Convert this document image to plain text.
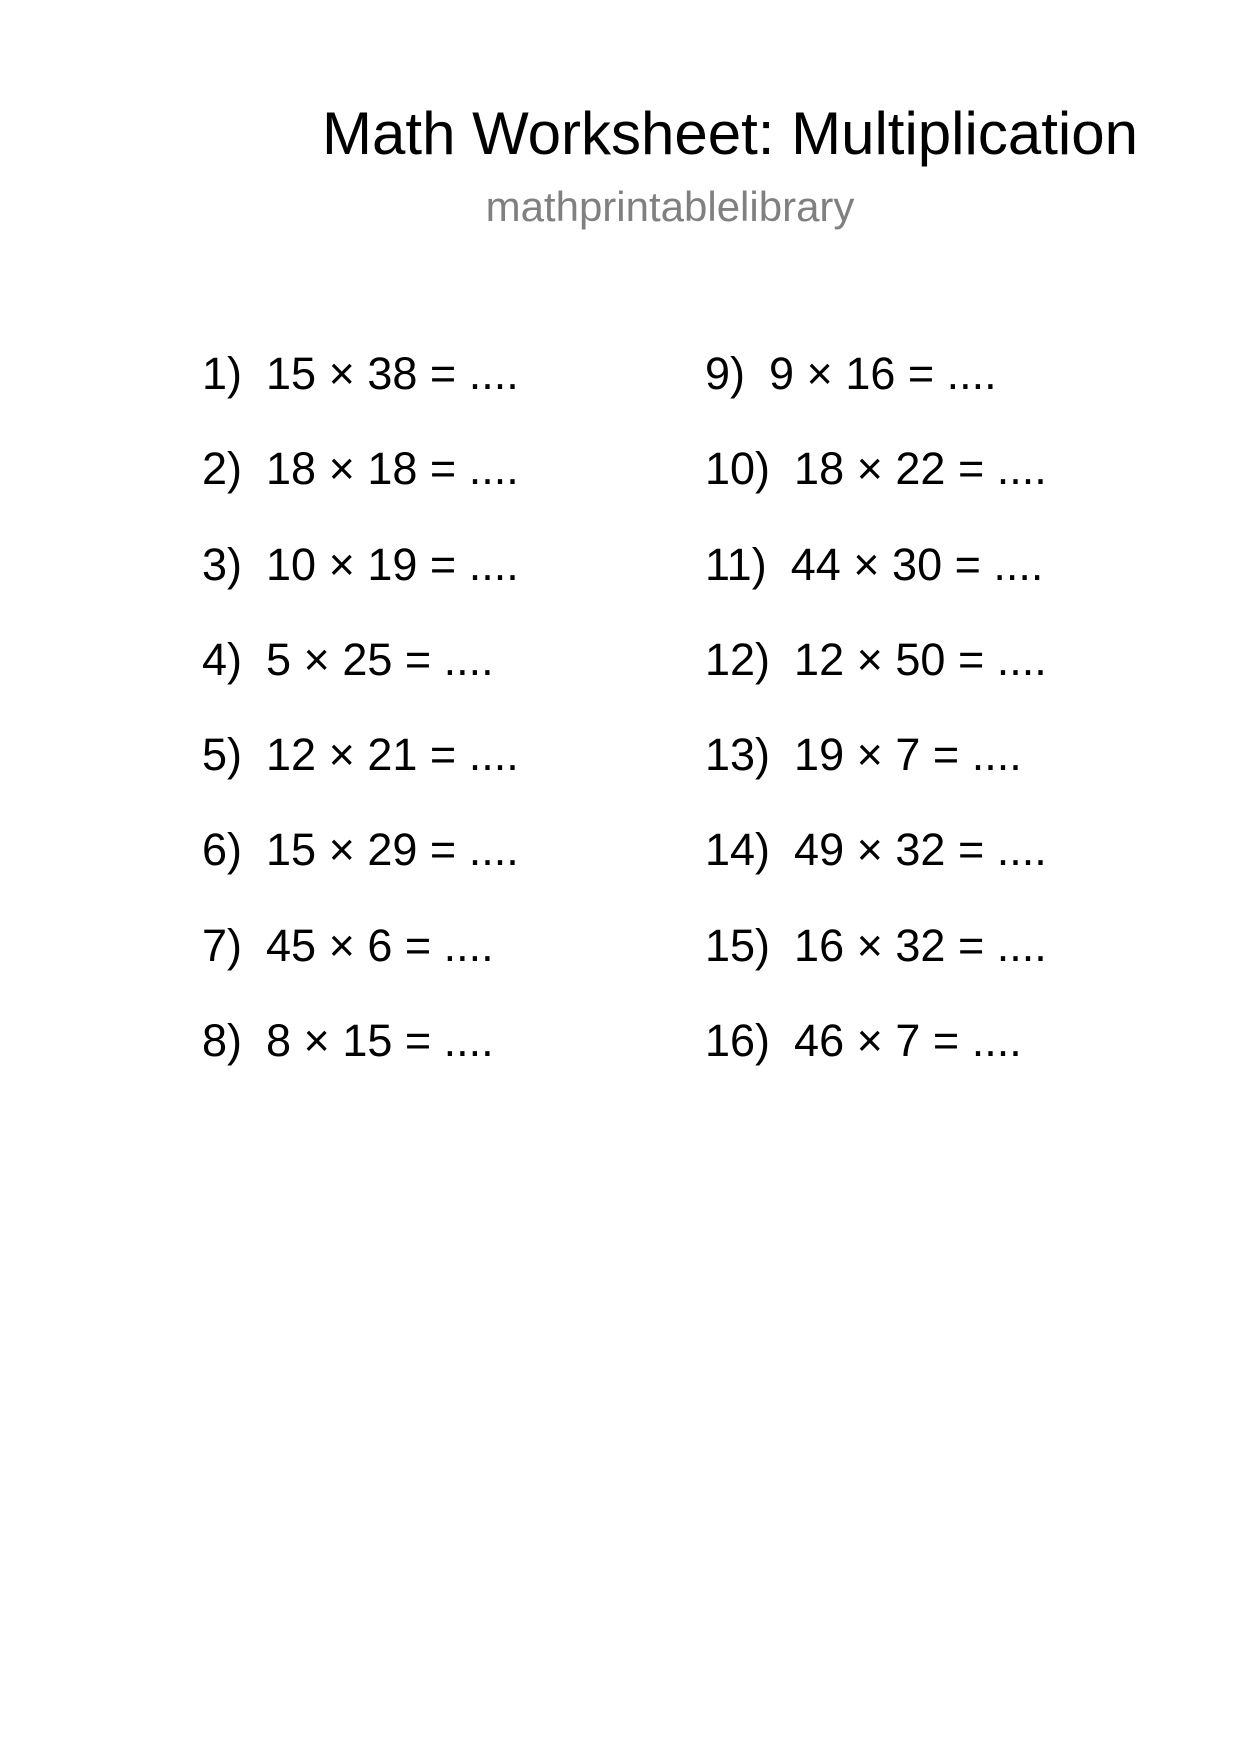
Math Worksheet: Multiplication
mathprintablelibrary
1) 15 × 38 = ....
2) 18 × 18 = ....
3) 10 × 19 = ....
4) 5 × 25 = ....
5) 12 × 21 = ....
6) 15 × 29 = ....
7) 45 × 6 = ....
8) 8 × 15 = ....
9) 9 × 16 = ....
10) 18 × 22 = ....
11) 44 × 30 = ....
12) 12 × 50 = ....
13) 19 × 7 = ....
14) 49 × 32 = ....
15) 16 × 32 = ....
16) 46 × 7 = ....
